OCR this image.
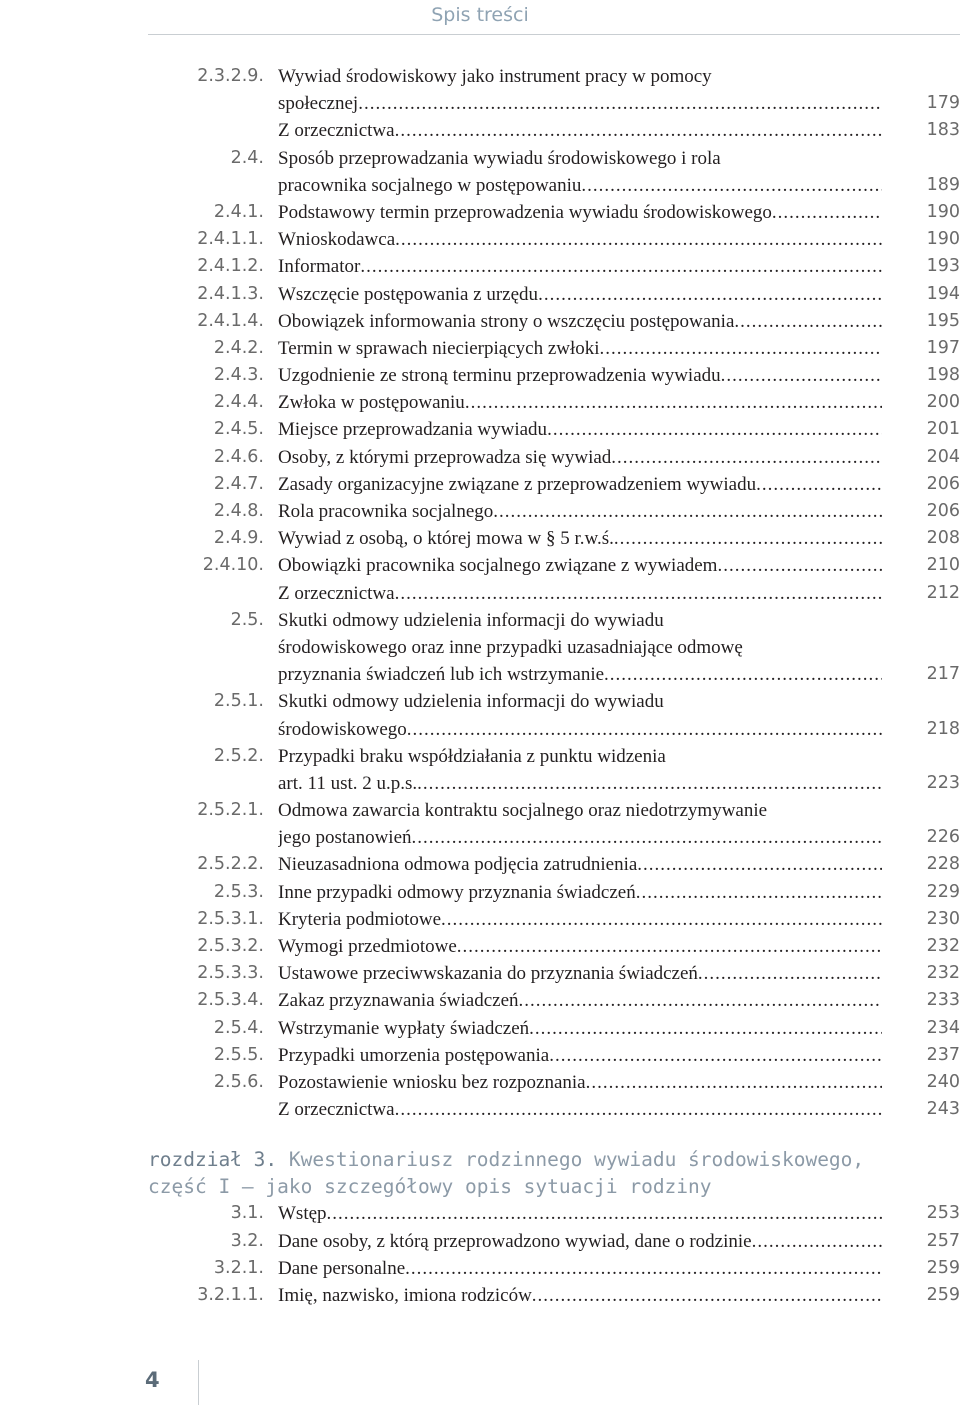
Spis treści
2.3.2.9. Wywiad środowiskowy jako instrument pracy w pomocy
społecznej .....	179
Z orzecznictwa .....	183
2.4. Sposób przeprowadzania wywiadu środowiskowego i rola
pracownika socjalnego w postępowaniu .....	189
2.4.1. Podstawowy termin przeprowadzenia wywiadu środowiskowego .....	190
2.4.1.1. Wnioskodawca .....	190
2.4.1.2. Informator .....	193
2.4.1.3. Wszczęcie postępowania z urzędu .....	194
2.4.1.4. Obowiązek informowania strony o wszczęciu postępowania .....	195
2.4.2. Termin w sprawach niecierpiących zwłoki .....	197
2.4.3. Uzgodnienie ze stroną terminu przeprowadzenia wywiadu .....	198
2.4.4. Zwłoka w postępowaniu .....	200
2.4.5. Miejsce przeprowadzania wywiadu .....	201
2.4.6. Osoby, z którymi przeprowadza się wywiad .....	204
2.4.7. Zasady organizacyjne związane z przeprowadzeniem wywiadu .....	206
2.4.8. Rola pracownika socjalnego .....	206
2.4.9. Wywiad z osobą, o której mowa w § 5 r.w.ś. .....	208
2.4.10. Obowiązki pracownika socjalnego związane z wywiadem .....	210
Z orzecznictwa .....	212
2.5. Skutki odmowy udzielenia informacji do wywiadu
środowiskowego oraz inne przypadki uzasadniające odmowę
przyznania świadczeń lub ich wstrzymanie .....	217
2.5.1. Skutki odmowy udzielenia informacji do wywiadu
środowiskowego .....	218
2.5.2. Przypadki braku współdziałania z punktu widzenia
art. 11 ust. 2 u.p.s. .....	223
2.5.2.1. Odmowa zawarcia kontraktu socjalnego oraz niedotrzymywanie
jego postanowień .....	226
2.5.2.2. Nieuzasadniona odmowa podjęcia zatrudnienia .....	228
2.5.3. Inne przypadki odmowy przyznania świadczeń .....	229
2.5.3.1. Kryteria podmiotowe .....	230
2.5.3.2. Wymogi przedmiotowe .....	232
2.5.3.3. Ustawowe przeciwwskazania do przyznania świadczeń .....	232
2.5.3.4. Zakaz przyznawania świadczeń .....	233
2.5.4. Wstrzymanie wypłaty świadczeń .....	234
2.5.5. Przypadki umorzenia postępowania .....	237
2.5.6. Pozostawienie wniosku bez rozpoznania .....	240
Z orzecznictwa .....	243
rozdział 3. Kwestionariusz rodzinnego wywiadu środowiskowego,
część I – jako szczegółowy opis sytuacji rodziny
3.1. Wstęp .....	253
3.2. Dane osoby, z którą przeprowadzono wywiad, dane o rodzinie .....	257
3.2.1. Dane personalne .....	259
3.2.1.1. Imię, nazwisko, imiona rodziców .....	259
4
